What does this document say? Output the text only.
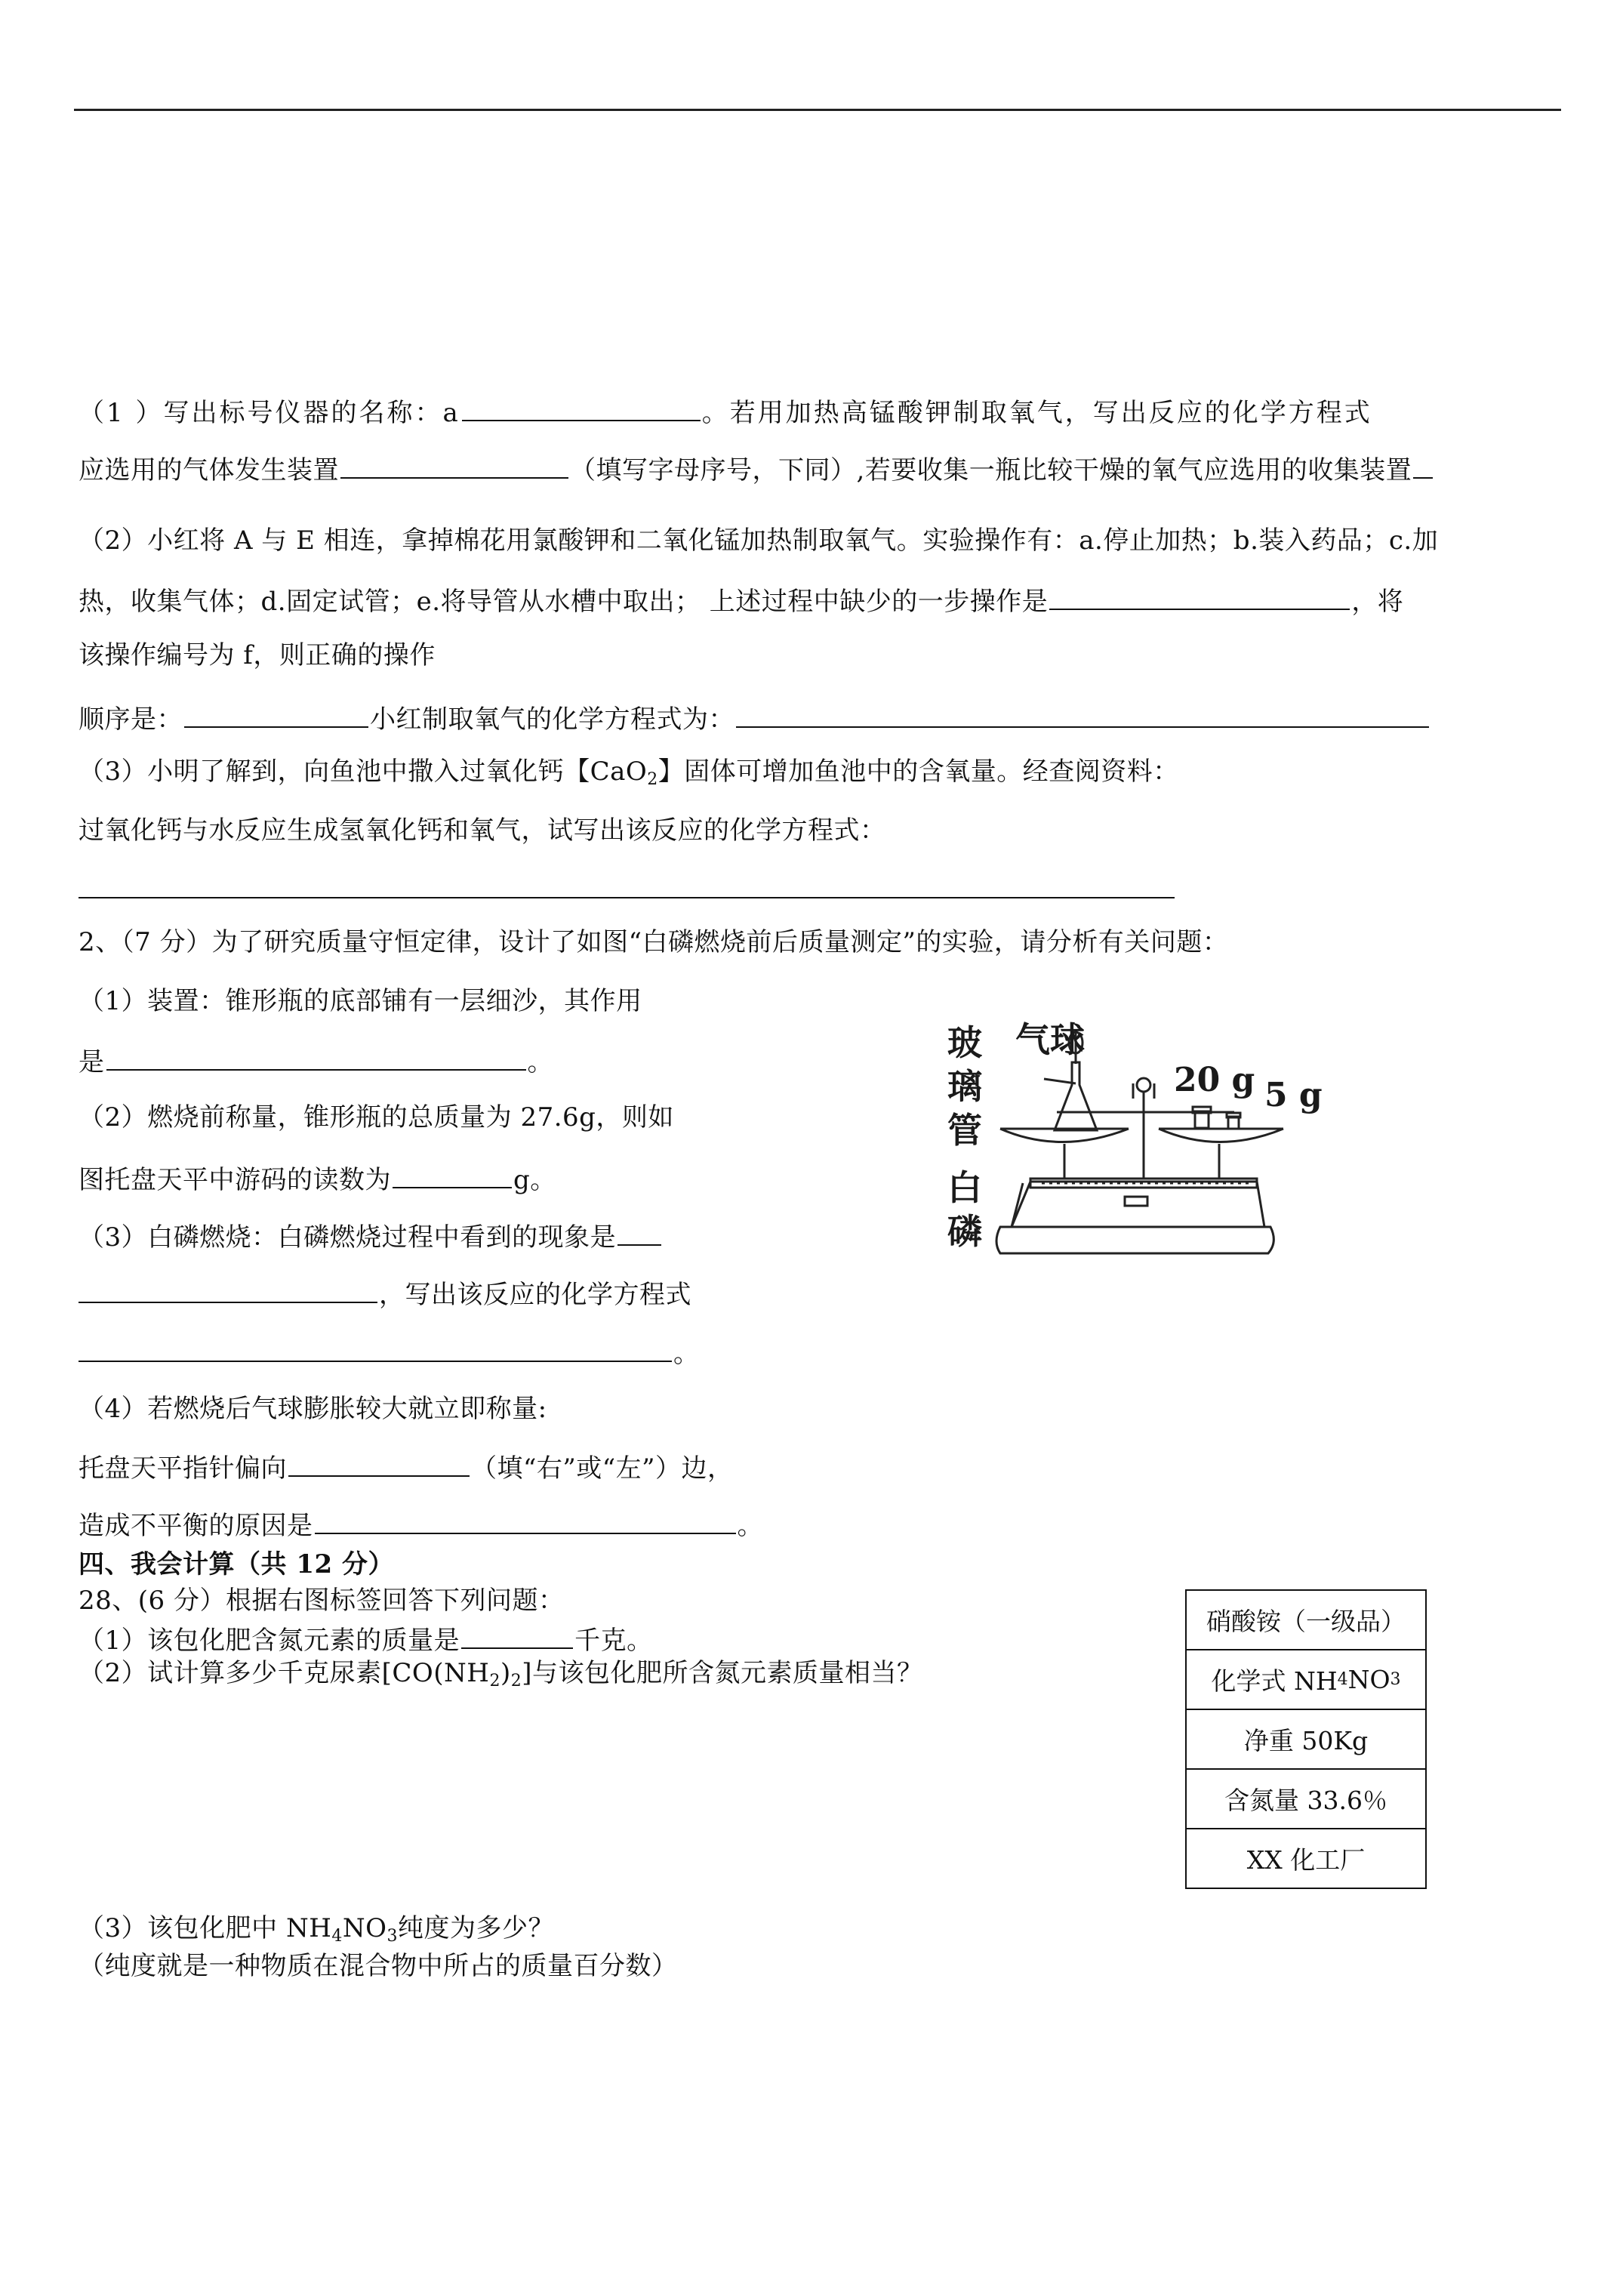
（1 ）写出标号仪器的名称：a	。若用加热高锰酸钾制取氧气，写出反应的化学方程式
应选用的气体发生装置	（填写字母序号，下同）,若要收集一瓶比较干燥的氧气应选用的收集装置
（2）小红将 A 与 E 相连，拿掉棉花用氯酸钾和二氧化锰加热制取氧气。实验操作有：a.停止加热；b.装入药品；c.加
热，收集气体；d.固定试管；e.将导管从水槽中取出； 上述过程中缺少的一步操作是	，将
该操作编号为 f，则正确的操作
顺序是：	小红制取氧气的化学方程式为：
（3）小明了解到，向鱼池中撒入过氧化钙【CaO$_2$】固体可增加鱼池中的含氧量。经查阅资料：
过氧化钙与水反应生成氢氧化钙和氧气，试写出该反应的化学方程式：
2、（7 分）为了研究质量守恒定律，设计了如图“白磷燃烧前后质量测定”的实验，请分析有关问题：
（1）装置：锥形瓶的底部铺有一层细沙，其作用
是	。
（2）燃烧前称量，锥形瓶的总质量为 27.6g，则如
图托盘天平中游码的读数为	g。
（3）白磷燃烧：白磷燃烧过程中看到的现象是
，写出该反应的化学方程式
。
（4）若燃烧后气球膨胀较大就立即称量:
托盘天平指针偏向	（填“右”或“左”）边，
造成不平衡的原因是	。
玻
璃
管
气球
白
磷
20 g 5 g
四、我会计算（共 12 分）
28、(6 分）根据右图标签回答下列问题：
（1）该包化肥含氮元素的质量是	千克。
（2）试计算多少千克尿素$[CO(NH_2)_2]$与该包化肥所含氮元素质量相当？
（3）该包化肥中 $NH_4NO_3$纯度为多少？
（纯度就是一种物质在混合物中所占的质量百分数）
硝酸铵（一级品）
化学式 NH 4 NO 3
净重 50Kg
含氮量 33.6％
XX 化工厂
